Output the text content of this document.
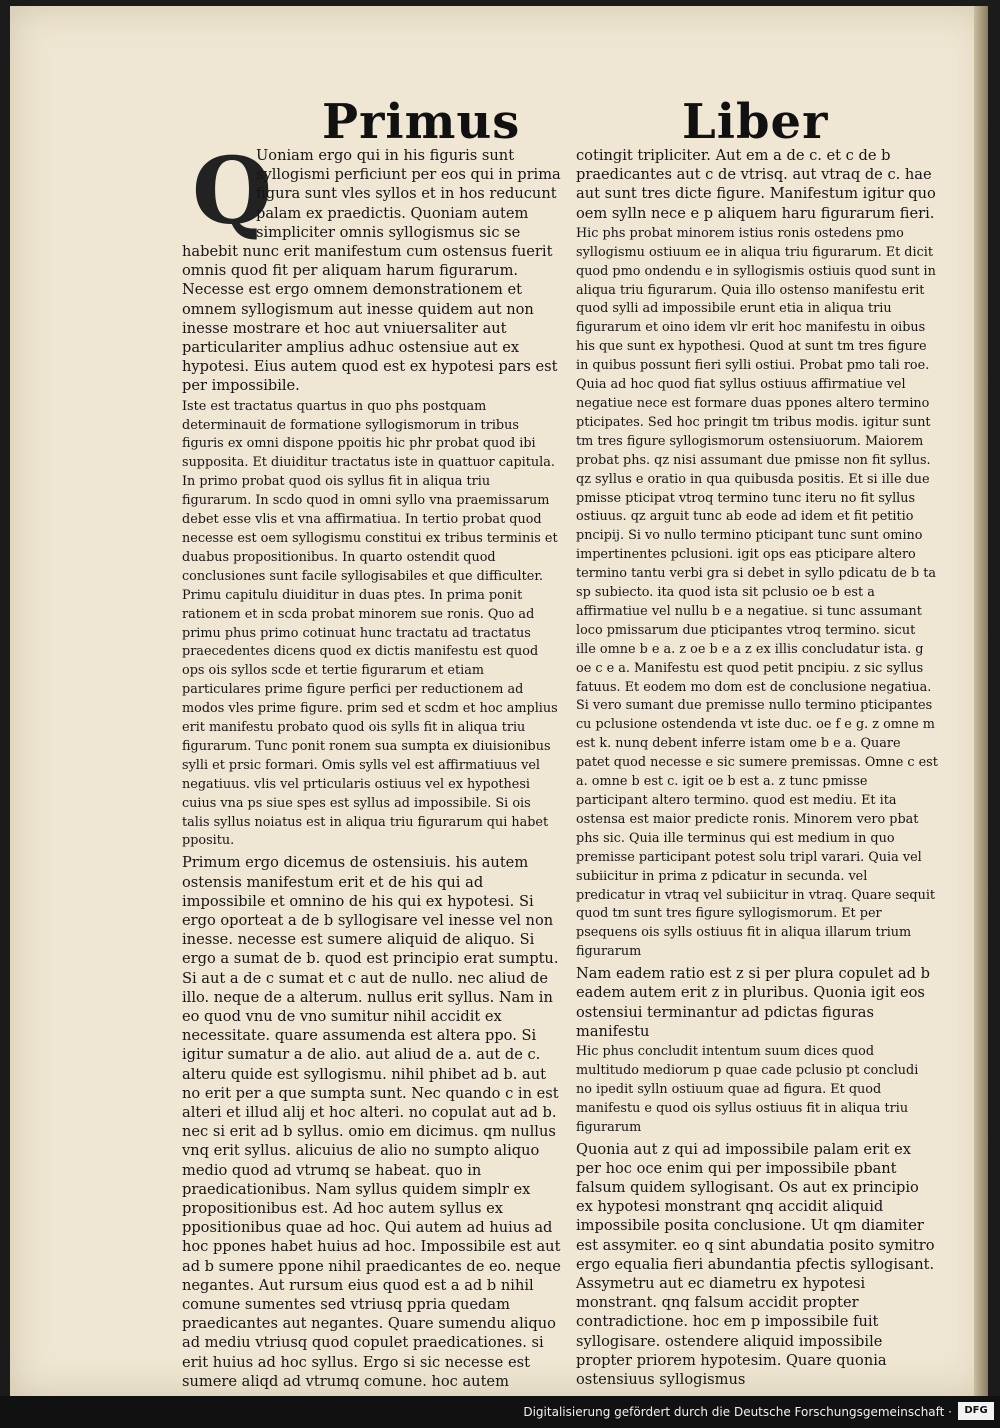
Primus	Liber
Q

Uoniam ergo qui in his figuris sunt syllogismi perficiunt per eos qui in prima figura sunt vles syllos et in hos reducunt palam ex praedictis. Quoniam autem simpliciter omnis syllogismus sic se habebit nunc erit manifestum cum ostensus fuerit omnis quod fit per aliquam harum figurarum. Necesse est ergo omnem demonstrationem et omnem syllogismum aut inesse quidem aut non inesse mostrare et hoc aut vniuersaliter aut particulariter amplius adhuc ostensiue aut ex hypotesi. Eius autem quod est ex hypotesi pars est per impossibile.

Iste est tractatus quartus in quo phs postquam determinauit de formatione syllogismorum in tribus figuris ex omni dispone ppoitis hic phr probat quod ibi supposita. Et diuiditur tractatus iste in quattuor capitula. In primo probat quod ois syllus fit in aliqua triu figurarum. In scdo quod in omni syllo vna praemissarum debet esse vlis et vna affirmatiua. In tertio probat quod necesse est oem syllogismu constitui ex tribus terminis et duabus propositionibus. In quarto ostendit quod conclusiones sunt facile syllogisabiles et que difficulter. Primu capitulu diuiditur in duas ptes. In prima ponit rationem et in scda probat minorem sue ronis. Quo ad primu phus primo cotinuat hunc tractatu ad tractatus praecedentes dicens quod ex dictis manifestu est quod ops ois syllos scde et tertie figurarum et etiam particulares prime figure perfici per reductionem ad modos vles prime figure. prim sed et scdm et hoc amplius erit manifestu probato quod ois sylls fit in aliqua triu figurarum. Tunc ponit ronem sua sumpta ex diuisionibus sylli et prsic formari. Omis sylls vel est affirmatiuus vel negatiuus. vlis vel prticularis ostiuus vel ex hypothesi cuius vna ps siue spes est syllus ad impossibile. Si ois talis syllus noiatus est in aliqua triu figurarum qui habet ppositu.

Primum ergo dicemus de ostensiuis. his autem ostensis manifestum erit et de his qui ad impossibile et omnino de his qui ex hypotesi. Si ergo oporteat a de b syllogisare vel inesse vel non inesse. necesse est sumere aliquid de aliquo. Si ergo a sumat de b. quod est principio erat sumptu. Si aut a de c sumat et c aut de nullo. nec aliud de illo. neque de a alterum. nullus erit syllus. Nam in eo quod vnu de vno sumitur nihil accidit ex necessitate. quare assumenda est altera ppo. Si igitur sumatur a de alio. aut aliud de a. aut de c. alteru quide est syllogismu. nihil phibet ad b. aut no erit per a que sumpta sunt. Nec quando c in est alteri et illud alij et hoc alteri. no copulat aut ad b. nec si erit ad b syllus. omio em dicimus. qm nullus vnq erit syllus. alicuius de alio no sumpto aliquo medio quod ad vtrumq se habeat. quo in praedicationibus. Nam syllus quidem simplr ex propositionibus est. Ad hoc autem syllus ex ppositionibus quae ad hoc. Qui autem ad huius ad hoc ppones habet huius ad hoc. Impossibile est aut ad b sumere ppone nihil praedicantes de eo. neque negantes. Aut rursum eius quod est a ad b nihil comune sumentes sed vtriusq ppria quedam praedicantes aut negantes. Quare sumendu aliquo ad mediu vtriusq quod copulet praedicationes. si erit huius ad hoc syllus. Ergo si sic necesse est sumere aliqd ad vtrumq comune. hoc autem

cotingit tripliciter. Aut em a de c. et c de b praedicantes aut c de vtrisq. aut vtraq de c. hae aut sunt tres dicte figure. Manifestum igitur quo oem sylln nece e p aliquem haru figurarum fieri.

Hic phs probat minorem istius ronis ostedens pmo syllogismu ostiuum ee in aliqua triu figurarum. Et dicit quod pmo ondendu e in syllogismis ostiuis quod sunt in aliqua triu figurarum. Quia illo ostenso manifestu erit quod sylli ad impossibile erunt etia in aliqua triu figurarum et oino idem vlr erit hoc manifestu in oibus his que sunt ex hypothesi. Quod at sunt tm tres figure in quibus possunt fieri sylli ostiui. Probat pmo tali roe. Quia ad hoc quod fiat syllus ostiuus affirmatiue vel negatiue nece est formare duas ppones altero termino pticipates. Sed hoc pringit tm tribus modis. igitur sunt tm tres figure syllogismorum ostensiuorum. Maiorem probat phs. qz nisi assumant due pmisse non fit syllus. qz syllus e oratio in qua quibusda positis. Et si ille due pmisse pticipat vtroq termino tunc iteru no fit syllus ostiuus. qz arguit tunc ab eode ad idem et fit petitio pncipij. Si vo nullo termino pticipant tunc sunt omino impertinentes pclusioni. igit ops eas pticipare altero termino tantu verbi gra si debet in syllo pdicatu de b ta sp subiecto. ita quod ista sit pclusio oe b est a affirmatiue vel nullu b e a negatiue. si tunc assumant loco pmissarum due pticipantes vtroq termino. sicut ille omne b e a. z oe b e a z ex illis concludatur ista. g oe c e a. Manifestu est quod petit pncipiu. z sic syllus fatuus. Et eodem mo dom est de conclusione negatiua. Si vero sumant due premisse nullo termino pticipantes cu pclusione ostendenda vt iste duc. oe f e g. z omne m est k. nunq debent inferre istam ome b e a. Quare patet quod necesse e sic sumere premissas. Omne c est a. omne b est c. igit oe b est a. z tunc pmisse participant altero termino. quod est mediu. Et ita ostensa est maior predicte ronis. Minorem vero pbat phs sic. Quia ille terminus qui est medium in quo premisse participant potest solu tripl varari. Quia vel subiicitur in prima z pdicatur in secunda. vel predicatur in vtraq vel subiicitur in vtraq. Quare sequit quod tm sunt tres figure syllogismorum. Et per psequens ois sylls ostiuus fit in aliqua illarum trium figurarum

Nam eadem ratio est z si per plura copulet ad b eadem autem erit z in pluribus. Quonia igit eos ostensiui terminantur ad pdictas figuras manifestu

Hic phus concludit intentum suum dices quod multitudo mediorum p quae cade pclusio pt concludi no ipedit sylln ostiuum quae ad figura. Et quod manifestu e quod ois syllus ostiuus fit in aliqua triu figurarum

Quonia aut z qui ad impossibile palam erit ex per hoc oce enim qui per impossibile pbant falsum quidem syllogisant. Os aut ex principio ex hypotesi monstrant qnq accidit aliquid impossibile posita conclusione. Ut qm diamiter est assymiter. eo q sint abundatia posito symitro ergo equalia fieri abundantia pfectis syllogisant. Assymetru aut ec diametru ex hypotesi monstrant. qnq falsum accidit propter contradictione. hoc em p impossibile fuit syllogisare. ostendere aliquid impossibile propter priorem hypotesim. Quare quonia ostensiuus syllogismus

Digitalisierung gefördert durch die Deutsche Forschungsgemeinschaft ·	DFG
